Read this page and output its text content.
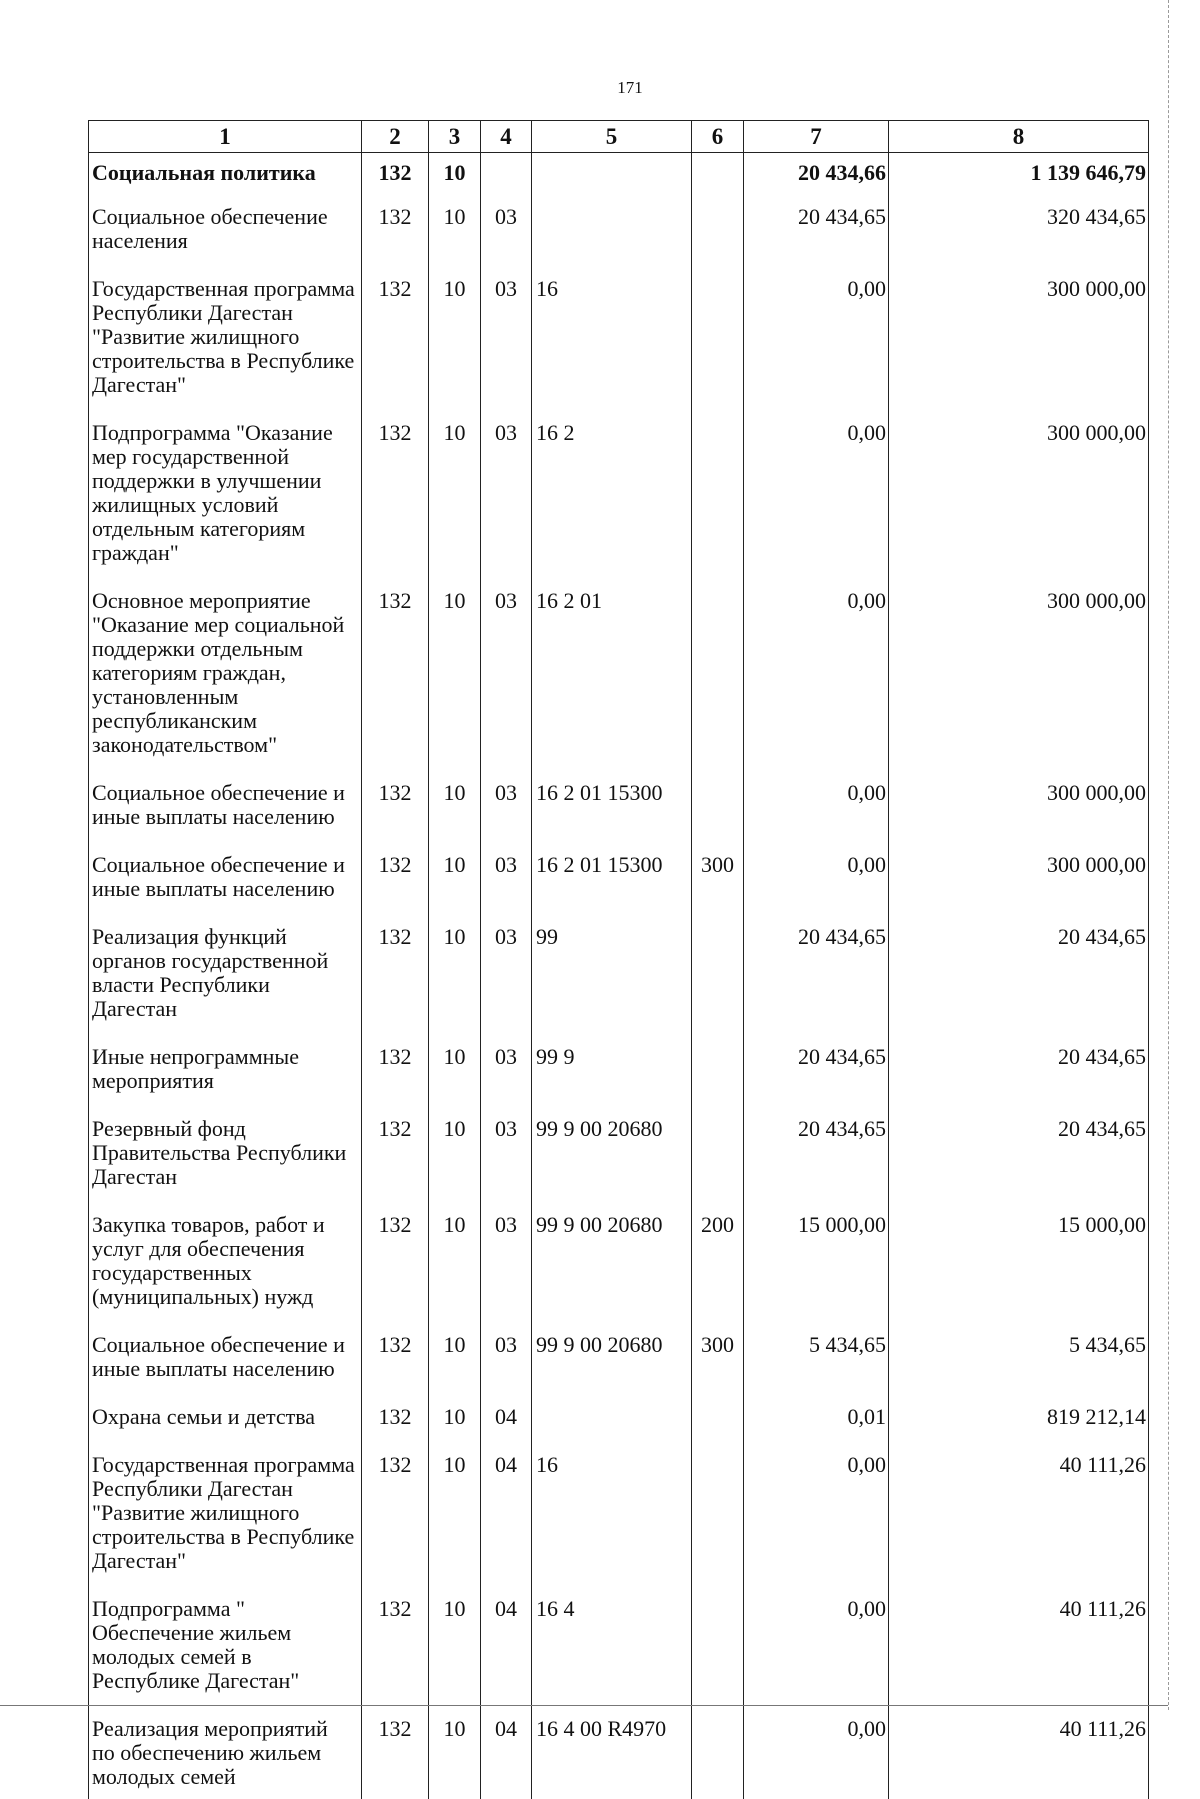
171
1	2	3	4	5	6	7	8
Социальная политика	132	10				20 434,66	1 139 646,79
Социальное обеспечение населения	132	10	03			20 434,65	320 434,65
Государственная программа Республики Дагестан "Развитие жилищного строительства в Республике Дагестан"	132	10	03	16		0,00	300 000,00
Подпрограмма "Оказание мер государственной поддержки в улучшении жилищных условий отдельным категориям граждан"	132	10	03	16 2		0,00	300 000,00
Основное мероприятие "Оказание мер социальной поддержки отдельным категориям граждан, установленным республиканским законодательством"	132	10	03	16 2 01		0,00	300 000,00
Социальное обеспечение и иные выплаты населению	132	10	03	16 2 01 15300		0,00	300 000,00
Социальное обеспечение и иные выплаты населению	132	10	03	16 2 01 15300	300	0,00	300 000,00
Реализация функций органов государственной власти Республики Дагестан	132	10	03	99		20 434,65	20 434,65
Иные непрограммные мероприятия	132	10	03	99 9		20 434,65	20 434,65
Резервный фонд Правительства Республики Дагестан	132	10	03	99 9 00 20680		20 434,65	20 434,65
Закупка товаров, работ и услуг для обеспечения государственных (муниципальных) нужд	132	10	03	99 9 00 20680	200	15 000,00	15 000,00
Социальное обеспечение и иные выплаты населению	132	10	03	99 9 00 20680	300	5 434,65	5 434,65
Охрана семьи и детства	132	10	04			0,01	819 212,14
Государственная программа Республики Дагестан "Развитие жилищного строительства в Республике Дагестан"	132	10	04	16		0,00	40 111,26
Подпрограмма " Обеспечение жильем молодых семей в Республике Дагестан"	132	10	04	16 4		0,00	40 111,26
Реализация мероприятий по обеспечению жильем молодых семей	132	10	04	16 4 00 R4970		0,00	40 111,26
